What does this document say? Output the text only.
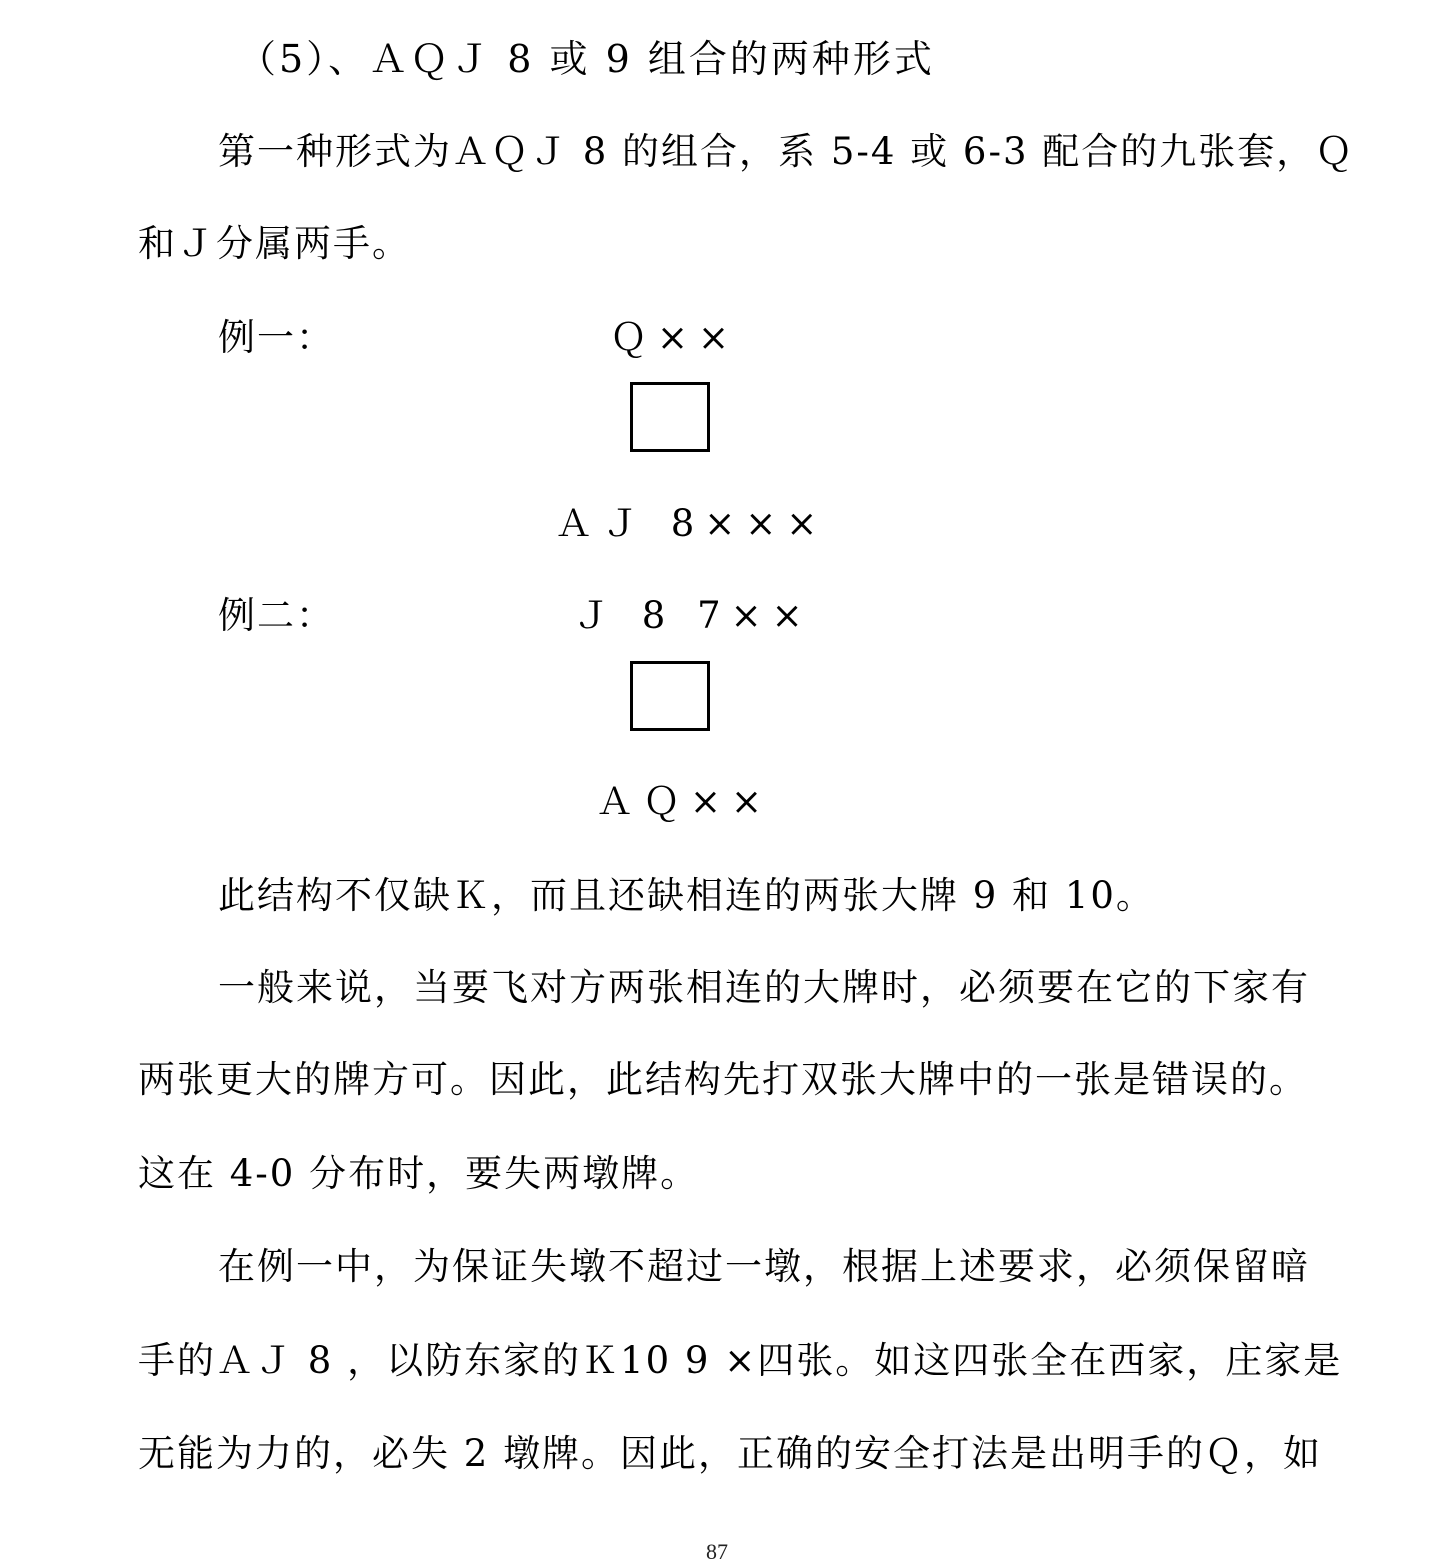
（5）、ＡＱＪ 8 或 9 组合的两种形式
第一种形式为ＡＱＪ 8 的组合，系 5-4 或 6-3 配合的九张套，Ｑ
和Ｊ分属两手。
例一：	Ｑ××
ＡＪ 8×××
例二：	Ｊ 8 7××
ＡＱ××
此结构不仅缺Ｋ，而且还缺相连的两张大牌 9 和 10。
一般来说，当要飞对方两张相连的大牌时，必须要在它的下家有
两张更大的牌方可。因此，此结构先打双张大牌中的一张是错误的。
这在 4-0 分布时，要失两墩牌。
在例一中，为保证失墩不超过一墩，根据上述要求，必须保留暗
手的ＡＪ 8 ，以防东家的Ｋ10 9 ×四张。如这四张全在西家，庄家是
无能为力的，必失 2 墩牌。因此，正确的安全打法是出明手的Ｑ，如
87
